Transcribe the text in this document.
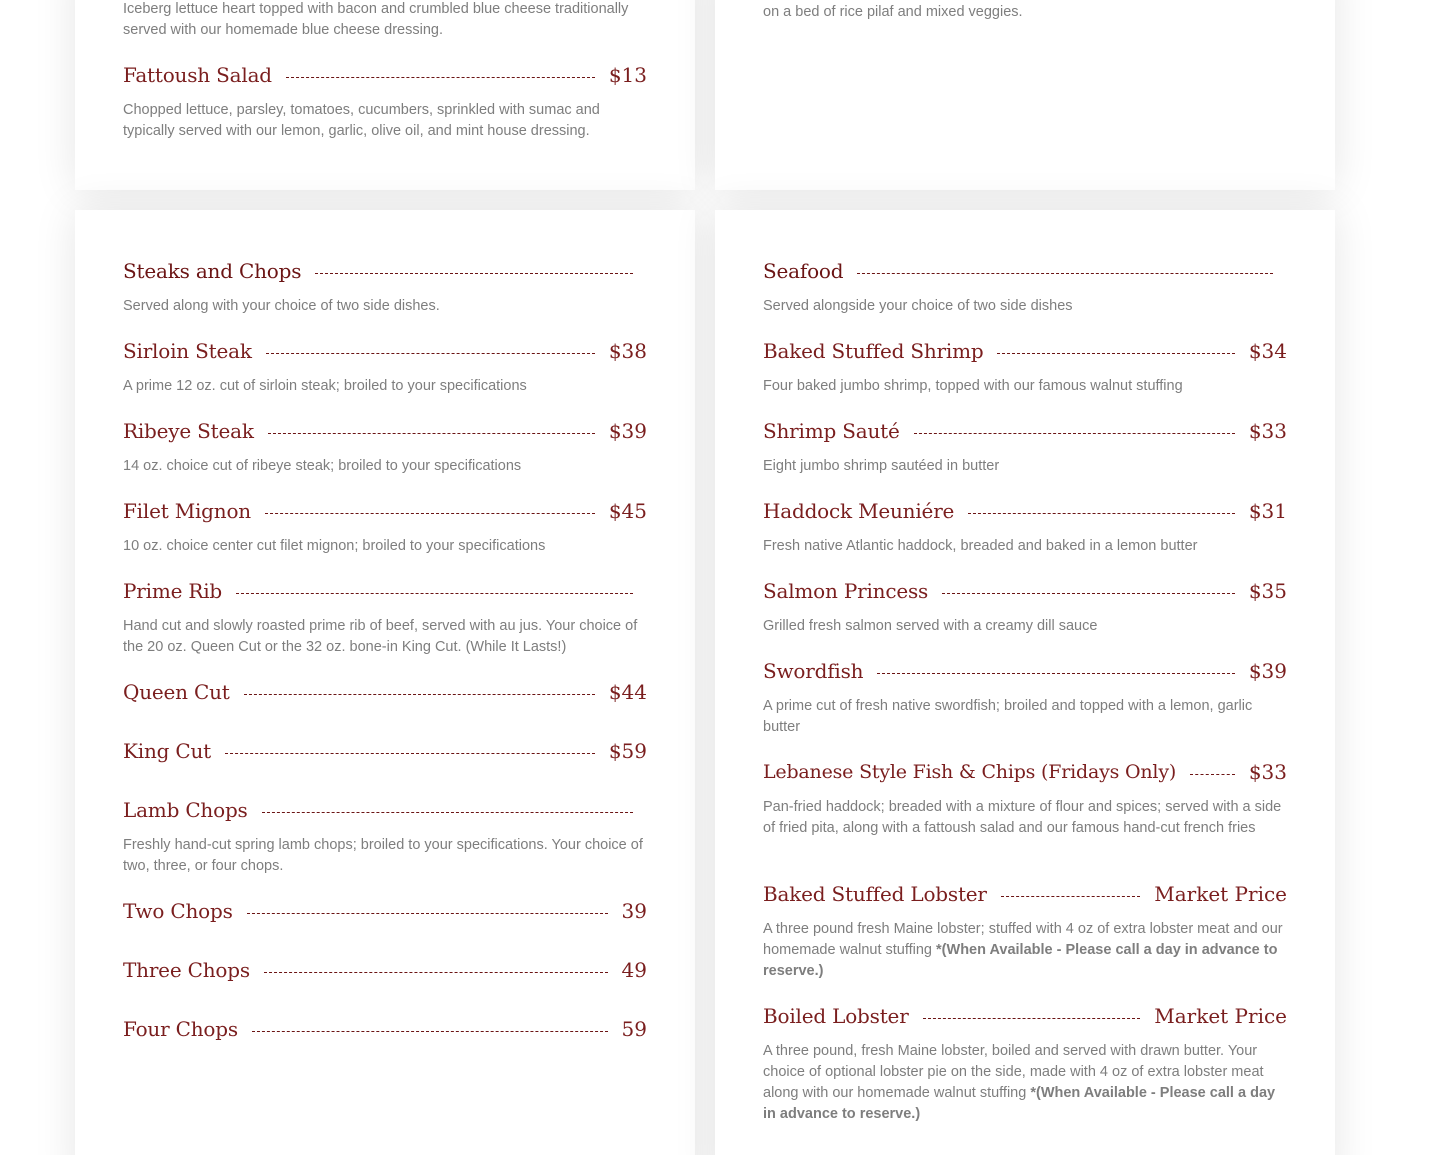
Iceberg lettuce heart topped with bacon and crumbled blue cheese traditionally served with our homemade blue cheese dressing.
Fattoush Salad	$13
Chopped lettuce, parsley, tomatoes, cucumbers, sprinkled with sumac and typically served with our lemon, garlic, olive oil, and mint house dressing.
on a bed of rice pilaf and mixed veggies.
Steaks and Chops
Served along with your choice of two side dishes.
Sirloin Steak	$38
A prime 12 oz. cut of sirloin steak; broiled to your specifications
Ribeye Steak	$39
14 oz. choice cut of ribeye steak; broiled to your specifications
Filet Mignon	$45
10 oz. choice center cut filet mignon; broiled to your specifications
Prime Rib
Hand cut and slowly roasted prime rib of beef, served with au jus. Your choice of the 20 oz. Queen Cut or the 32 oz. bone-in King Cut. (While It Lasts!)
Queen Cut	$44
King Cut	$59
Lamb Chops
Freshly hand-cut spring lamb chops; broiled to your specifications. Your choice of two, three, or four chops.
Two Chops	39
Three Chops	49
Four Chops	59
Seafood
Served alongside your choice of two side dishes
Baked Stuffed Shrimp	$34
Four baked jumbo shrimp, topped with our famous walnut stuffing
Shrimp Sauté	$33
Eight jumbo shrimp sautéed in butter
Haddock Meuniére	$31
Fresh native Atlantic haddock, breaded and baked in a lemon butter
Salmon Princess	$35
Grilled fresh salmon served with a creamy dill sauce
Swordfish	$39
A prime cut of fresh native swordfish; broiled and topped with a lemon, garlic butter
Lebanese Style Fish & Chips (Fridays Only)	$33
Pan-fried haddock; breaded with a mixture of flour and spices; served with a side of fried pita, along with a fattoush salad and our famous hand-cut french fries
Baked Stuffed Lobster	Market Price
A three pound fresh Maine lobster; stuffed with 4 oz of extra lobster meat and our homemade walnut stuffing *(When Available - Please call a day in advance to reserve.)
Boiled Lobster	Market Price
A three pound, fresh Maine lobster, boiled and served with drawn butter. Your choice of optional lobster pie on the side, made with 4 oz of extra lobster meat along with our homemade walnut stuffing *(When Available - Please call a day in advance to reserve.)
